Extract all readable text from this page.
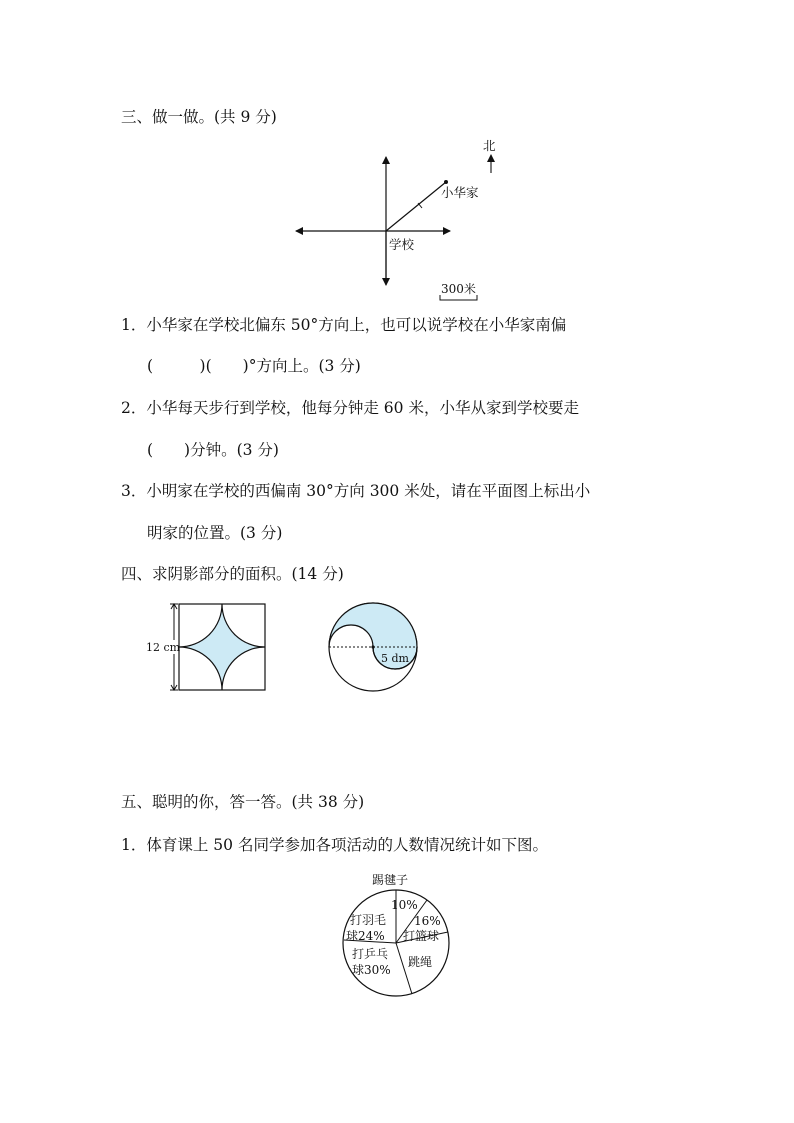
三、做一做。(共 9 分)
小华家
学校
北
300米
1．小华家在学校北偏东 50°方向上，也可以说学校在小华家南偏
(　　　)(　　)°方向上。(3 分)
2．小华每天步行到学校，他每分钟走 60 米，小华从家到学校要走
(　　)分钟。(3 分)
3．小明家在学校的西偏南 30°方向 300 米处，请在平面图上标出小
明家的位置。(3 分)
四、求阴影部分的面积。(14 分)
12 cm
5 dm
五、聪明的你，答一答。(共 38 分)
1．体育课上 50 名同学参加各项活动的人数情况统计如下图。
踢毽子
10%
16%
打篮球
打羽毛
球24%
打乒乓
球30%
跳绳
